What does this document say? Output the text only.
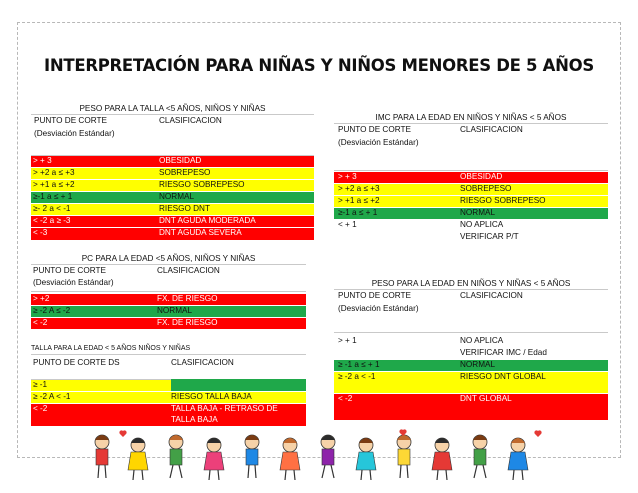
INTERPRETACIÓN PARA NIÑAS Y NIÑOS MENORES DE 5 AÑOS
PESO PARA LA TALLA <5 AÑOS, NIÑOS Y NIÑAS
PUNTO DE CORTE
(Desviación Estándar)
CLASIFICACION
> + 3	OBESIDAD
> +2 a ≤ +3	SOBREPESO
> +1 a ≤ +2	RIESGO SOBREPESO
≥-1 a ≤ + 1	NORMAL
≥- 2 a < -1	RIESGO DNT
< -2 a ≥ -3	DNT AGUDA MODERADA
< -3	DNT AGUDA SEVERA
IMC PARA LA EDAD EN NIÑOS Y NIÑAS < 5 AÑOS
PUNTO DE CORTE
(Desviación Estándar)
CLASIFICACION
> + 3	OBESIDAD
> +2 a ≤ +3	SOBREPESO
> +1 a ≤ +2	RIESGO SOBREPESO
≥-1 a ≤ + 1	NORMAL
< + 1	NO APLICA
VERIFICAR P/T
PC PARA LA EDAD <5 AÑOS, NIÑOS Y NIÑAS
PUNTO DE CORTE
(Desviación Estándar)
CLASIFICACION
> +2	FX. DE RIESGO
≥ -2 A ≤ -2	NORMAL
< -2	FX. DE RIESGO
PESO PARA LA EDAD EN NIÑOS Y NIÑAS < 5 AÑOS
PUNTO DE CORTE
(Desviación Estándar)
CLASIFICACION
> + 1	NO APLICA
VERIFICAR IMC / Edad
≥ -1 a ≤ + 1	NORMAL
≥ -2 a < -1	RIESGO DNT GLOBAL
< -2	DNT GLOBAL
TALLA PARA LA EDAD < 5 AÑOS NIÑOS Y NIÑAS
PUNTO DE CORTE DS	CLASIFICACION
≥ -1
≥ -2 A < -1	RIESGO TALLA BAJA
< -2	TALLA BAJA - RETRASO DE
TALLA BAJA
